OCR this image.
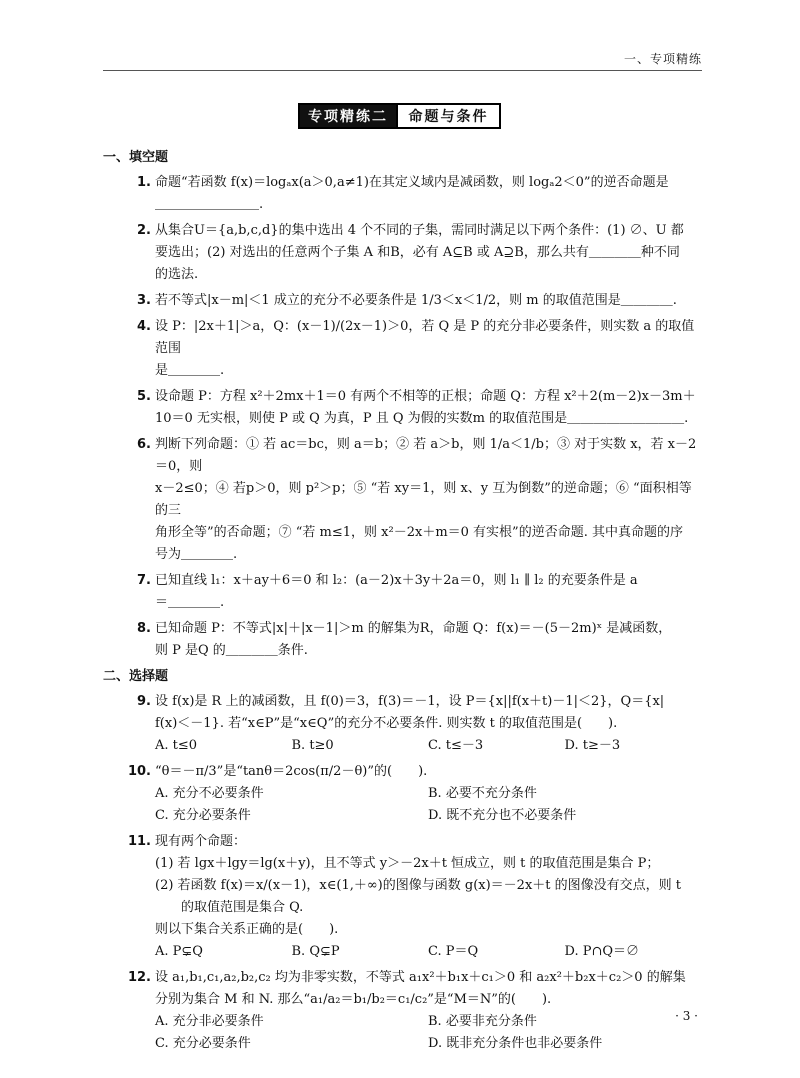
一、专项精练
专项精练二	命题与条件

一、填空题

1. 命题“若函数 f(x)＝logₐx(a＞0,a≠1)在其定义域内是减函数，则 logₐ2＜0”的逆否命题是
＿＿＿＿＿＿＿＿.
2. 从集合U＝{a,b,c,d}的集中选出 4 个不同的子集，需同时满足以下两个条件：(1) ∅、U 都
要选出；(2) 对选出的任意两个子集 A 和B，必有 A⊆B 或 A⊇B，那么共有＿＿＿＿种不同
的选法.
3. 若不等式|x－m|＜1 成立的充分不必要条件是 1/3＜x＜1/2，则 m 的取值范围是＿＿＿＿.
4. 设 P：|2x＋1|＞a，Q：(x－1)/(2x－1)＞0，若 Q 是 P 的充分非必要条件，则实数 a 的取值范围
是＿＿＿＿.
5. 设命题 P：方程 x²＋2mx＋1＝0 有两个不相等的正根；命题 Q：方程 x²＋2(m－2)x－3m＋
10＝0 无实根，则使 P 或 Q 为真，P 且 Q 为假的实数m 的取值范围是＿＿＿＿＿＿＿＿＿.
6. 判断下列命题：① 若 ac＝bc，则 a＝b；② 若 a＞b，则 1/a＜1/b；③ 对于实数 x，若 x－2＝0，则
x－2≤0；④ 若p＞0，则 p²＞p；⑤ “若 xy＝1，则 x、y 互为倒数”的逆命题；⑥ “面积相等的三
角形全等”的否命题；⑦ “若 m≤1，则 x²－2x＋m＝0 有实根”的逆否命题. 其中真命题的序
号为＿＿＿＿.
7. 已知直线 l₁：x＋ay＋6＝0 和 l₂：(a－2)x＋3y＋2a＝0，则 l₁ ∥ l₂ 的充要条件是 a
＝＿＿＿＿.
8. 已知命题 P：不等式|x|＋|x－1|＞m 的解集为R，命题 Q：f(x)＝－(5－2m)ˣ 是减函数，
则 P 是Q 的＿＿＿＿条件.

二、选择题

9. 设 f(x)是 R 上的减函数，且 f(0)＝3，f(3)＝－1，设 P＝{x||f(x＋t)－1|＜2}，Q＝{x|
f(x)＜－1}. 若“x∈P”是“x∈Q”的充分不必要条件. 则实数 t 的取值范围是(　　).
A. t≤0	B. t≥0	C. t≤－3	D. t≥－3
10. “θ＝－π/3”是“tanθ＝2cos(π/2－θ)”的(　　).
A. 充分不必要条件	B. 必要不充分条件
C. 充分必要条件	D. 既不充分也不必要条件
11. 现有两个命题：
(1) 若 lgx＋lgy＝lg(x＋y)，且不等式 y＞－2x＋t 恒成立，则 t 的取值范围是集合 P；
(2) 若函数 f(x)＝x/(x－1)，x∈(1,＋∞)的图像与函数 g(x)＝－2x＋t 的图像没有交点，则 t
的取值范围是集合 Q.
则以下集合关系正确的是(　　).
A. P⊊Q	B. Q⊊P	C. P＝Q	D. P∩Q＝∅
12. 设 a₁,b₁,c₁,a₂,b₂,c₂ 均为非零实数，不等式 a₁x²＋b₁x＋c₁＞0 和 a₂x²＋b₂x＋c₂＞0 的解集
分别为集合 M 和 N. 那么“a₁/a₂＝b₁/b₂＝c₁/c₂”是“M＝N”的(　　).
A. 充分非必要条件	B. 必要非充分条件
C. 充分必要条件	D. 既非充分条件也非必要条件
· 3 ·
